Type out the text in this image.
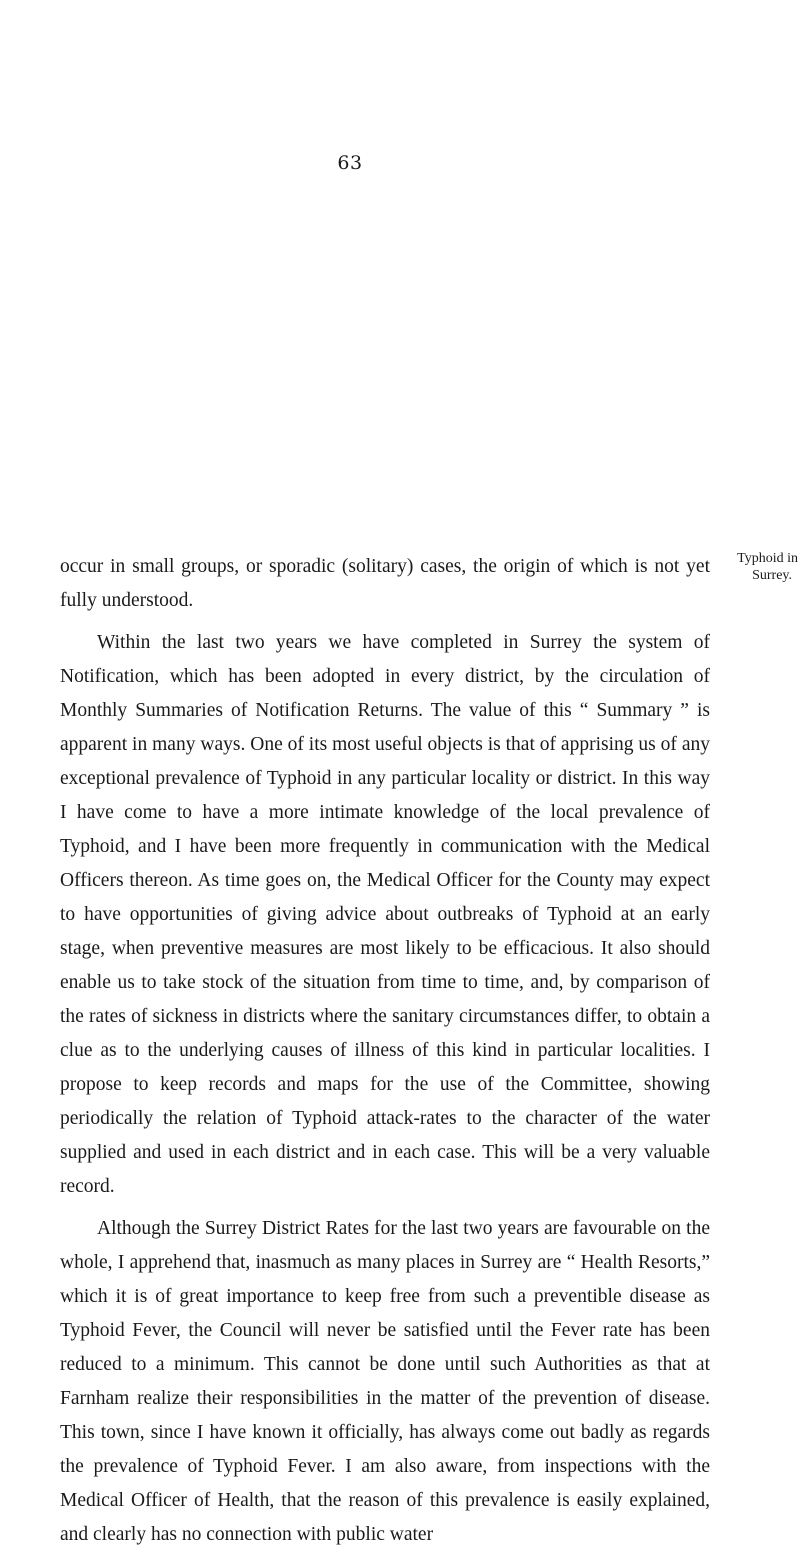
63
Typhoid in
Surrey.

occur in small groups, or sporadic (solitary) cases, the origin of which is not yet fully understood.

Within the last two years we have completed in Surrey the system of Notification, which has been adopted in every district, by the circulation of Monthly Summaries of Notification Returns. The value of this “ Summary ” is apparent in many ways. One of its most useful objects is that of apprising us of any exceptional prevalence of Typhoid in any particular locality or district. In this way I have come to have a more intimate knowledge of the local prevalence of Typhoid, and I have been more frequently in communication with the Medical Officers thereon. As time goes on, the Medical Officer for the County may expect to have opportunities of giving advice about outbreaks of Typhoid at an early stage, when preventive measures are most likely to be efficacious. It also should enable us to take stock of the situation from time to time, and, by comparison of the rates of sickness in districts where the sanitary circumstances differ, to obtain a clue as to the underlying causes of illness of this kind in particular localities. I propose to keep records and maps for the use of the Committee, showing periodically the relation of Typhoid attack-rates to the character of the water supplied and used in each district and in each case. This will be a very valuable record.

Although the Surrey District Rates for the last two years are favourable on the whole, I apprehend that, inasmuch as many places in Surrey are “ Health Resorts,” which it is of great importance to keep free from such a preventible disease as Typhoid Fever, the Council will never be satisfied until the Fever rate has been reduced to a minimum. This cannot be done until such Authorities as that at Farnham realize their responsibilities in the matter of the prevention of disease. This town, since I have known it officially, has always come out badly as regards the prevalence of Typhoid Fever. I am also aware, from inspections with the Medical Officer of Health, that the reason of this prevalence is easily explained, and clearly has no connection with public water
